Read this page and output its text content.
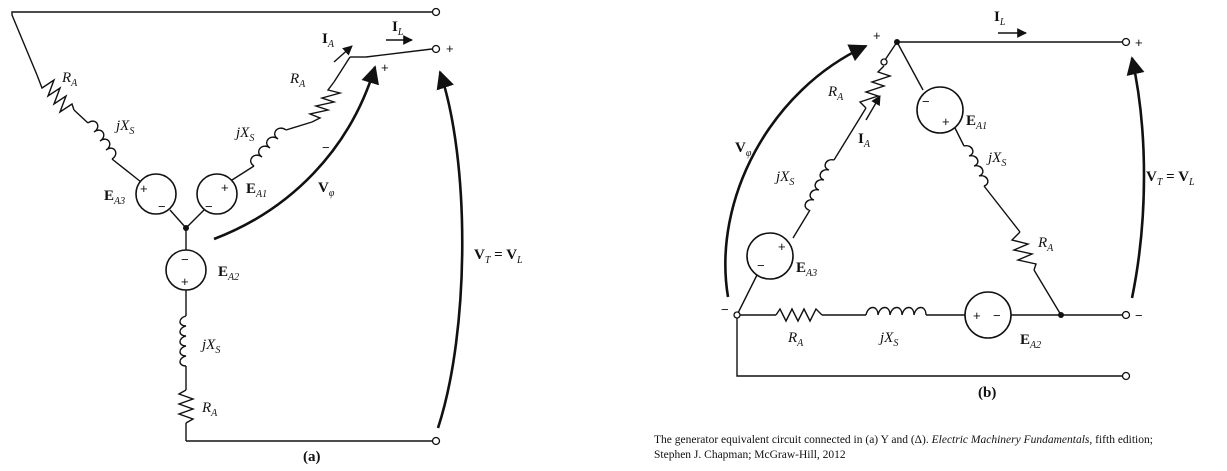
+
−
+
−
−
+
$R_A$
$jX_S$
$E_{A3}$
$R_A$
$jX_S$
$E_{A1}$
$E_{A2}$
$jX_S$
$R_A$
$I_A$
$I_L$
+
+
−
$V_\varphi$
$V_T = V_L$
(a)
+
−
−
+
+ −
$R_A$
$I_A$
$jX_S$
$E_{A3}$
$E_{A1}$
$jX_S$
$R_A$
$R_A$	$jX_S$	$E_{A2}$
$I_L$
$V_\varphi$
+
−
+
−
$V_T = V_L$
(b)
The generator equivalent circuit connected in (a) Y and (Δ). Electric Machinery Fundamentals, fifth edition; Stephen J. Chapman; McGraw-Hill, 2012
